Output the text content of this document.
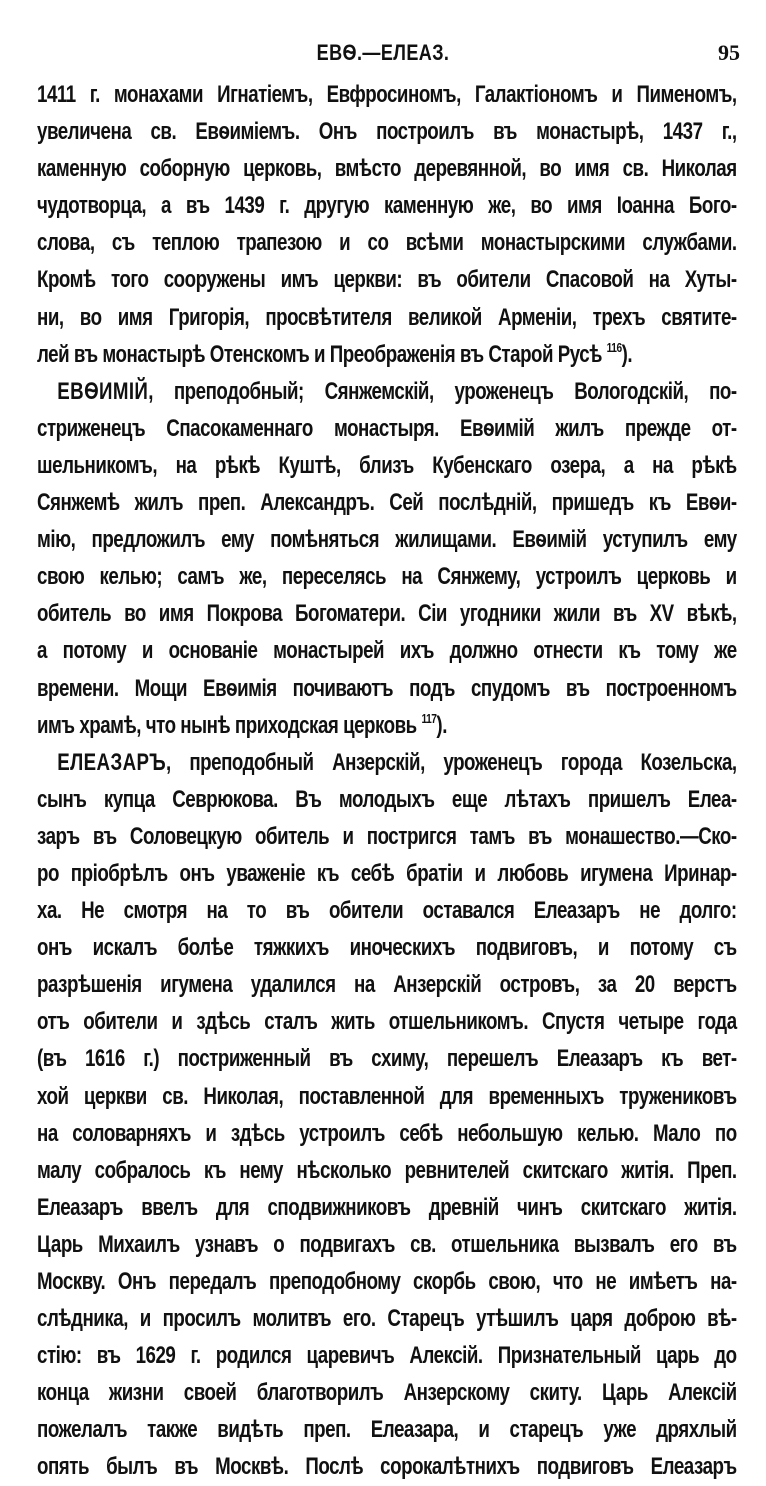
ЕВѲ.—ЕЛЕАЗ.	95
1411 г. монахами Игнатіемъ, Евфросиномъ, Галактіономъ и Пименомъ,
увеличена св. Евѳиміемъ. Онъ построилъ въ монастырѣ, 1437 г.,
каменную соборную церковь, вмѣсто деревянной, во имя св. Николая
чудотворца, а въ 1439 г. другую каменную же, во имя Іоанна Бого-
слова, съ теплою трапезою и со всѣми монастырскими службами.
Кромѣ того сооружены имъ церкви: въ обители Спасовой на Хуты-
ни, во имя Григорія, просвѣтителя великой Арменіи, трехъ святите-
лей въ монастырѣ Отенскомъ и Преображенія въ Старой Русѣ $^{116}$).
ЕВѲИМІЙ, преподобный; Сянжемскій, уроженецъ Вологодскій, по-
стриженецъ Спасокаменнаго монастыря. Евѳимій жилъ прежде от-
шельникомъ, на рѣкѣ Куштѣ, близъ Кубенскаго озера, а на рѣкѣ
Сянжемѣ жилъ преп. Александръ. Сей послѣдній, пришедъ къ Евѳи-
мію, предложилъ ему помѣняться жилищами. Евѳимій уступилъ ему
свою келью; самъ же, переселясь на Сянжему, устроилъ церковь и
обитель во имя Покрова Богоматери. Сіи угодники жили въ XV вѣкѣ,
а потому и основаніе монастырей ихъ должно отнести къ тому же
времени. Мощи Евѳимія почиваютъ подъ спудомъ въ построенномъ
имъ храмѣ, что нынѣ приходская церковь $^{117}$).
ЕЛЕАЗАРЪ, преподобный Анзерскій, уроженецъ города Козельска,
сынъ купца Севрюкова. Въ молодыхъ еще лѣтахъ пришелъ Елеа-
заръ въ Соловецкую обитель и постригся тамъ въ монашество.—Ско-
ро пріобрѣлъ онъ уваженіе къ себѣ братіи и любовь игумена Иринар-
ха. Не смотря на то въ обители оставался Елеазаръ не долго:
онъ искалъ болѣе тяжкихъ иноческихъ подвиговъ, и потому съ
разрѣшенія игумена удалился на Анзерскій островъ, за 20 верстъ
отъ обители и здѣсь сталъ жить отшельникомъ. Спустя четыре года
(въ 1616 г.) постриженный въ схиму, перешелъ Елеазаръ къ вет-
хой церкви св. Николая, поставленной для временныхъ тружениковъ
на соловарняхъ и здѣсь устроилъ себѣ небольшую келью. Мало по
малу собралось къ нему нѣсколько ревнителей скитскаго житія. Преп.
Елеазаръ ввелъ для сподвижниковъ древній чинъ скитскаго житія.
Царь Михаилъ узнавъ о подвигахъ св. отшельника вызвалъ его въ
Москву. Онъ передалъ преподобному скорбь свою, что не имѣетъ на-
слѣдника, и просилъ молитвъ его. Старецъ утѣшилъ царя доброю вѣ-
стію: въ 1629 г. родился царевичъ Алексій. Признательный царь до
конца жизни своей благотворилъ Анзерскому скиту. Царь Алексій
пожелалъ также видѣть преп. Елеазара, и старецъ уже дряхлый
опять былъ въ Москвѣ. Послѣ сорокалѣтнихъ подвиговъ Елеазаръ
